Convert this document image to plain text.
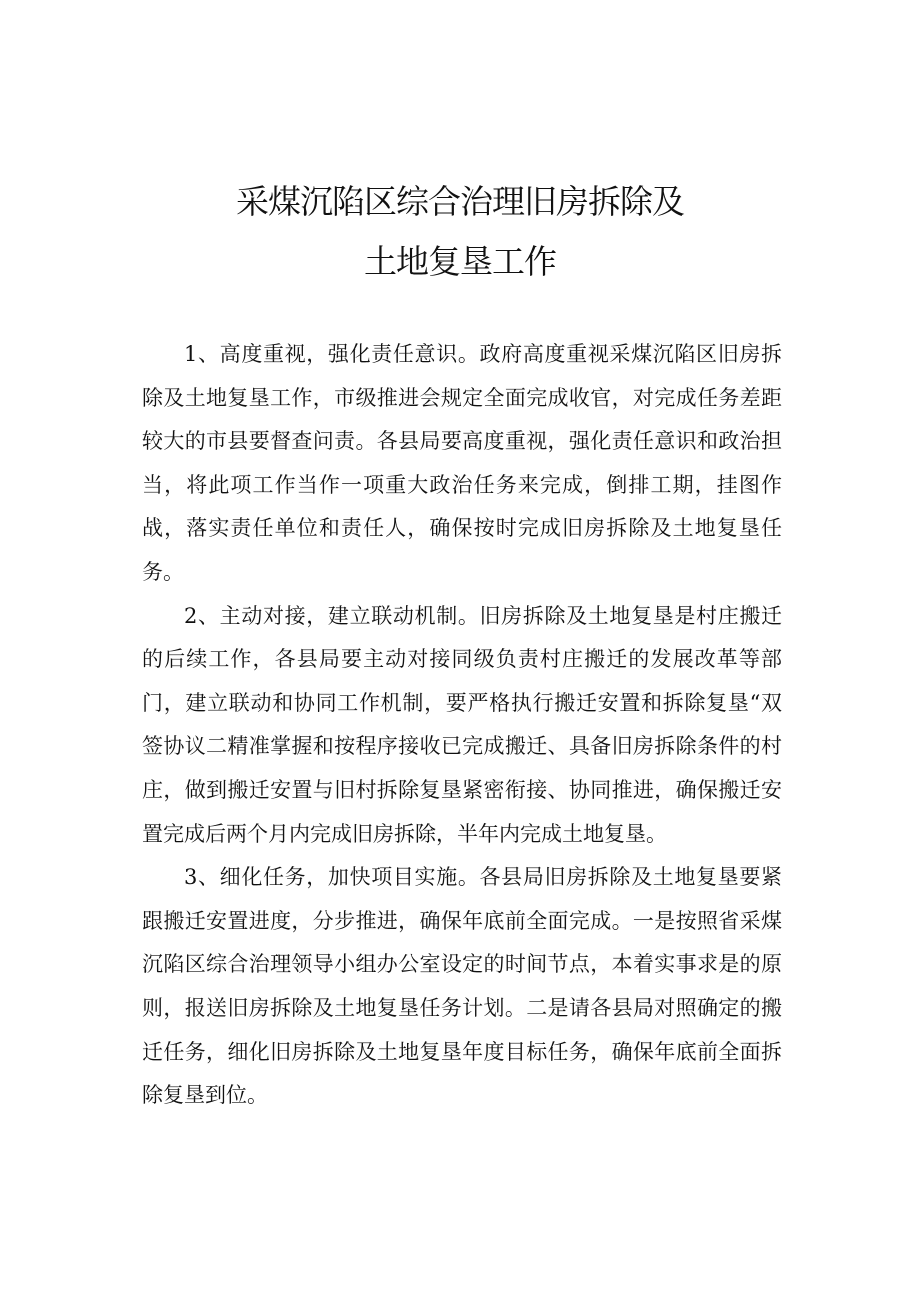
采煤沉陷区综合治理旧房拆除及
土地复垦工作

1、高度重视，强化责任意识。政府高度重视采煤沉陷区旧房拆除及土地复垦工作，市级推进会规定全面完成收官，对完成任务差距较大的市县要督查问责。各县局要高度重视，强化责任意识和政治担当，将此项工作当作一项重大政治任务来完成，倒排工期，挂图作战，落实责任单位和责任人，确保按时完成旧房拆除及土地复垦任务。

2、主动对接，建立联动机制。旧房拆除及土地复垦是村庄搬迁的后续工作，各县局要主动对接同级负责村庄搬迁的发展改革等部门，建立联动和协同工作机制，要严格执行搬迁安置和拆除复垦“双签协议二精准掌握和按程序接收已完成搬迁、具备旧房拆除条件的村庄，做到搬迁安置与旧村拆除复垦紧密衔接、协同推进，确保搬迁安置完成后两个月内完成旧房拆除，半年内完成土地复垦。

3、细化任务，加快项目实施。各县局旧房拆除及土地复垦要紧跟搬迁安置进度，分步推进，确保年底前全面完成。一是按照省采煤沉陷区综合治理领导小组办公室设定的时间节点，本着实事求是的原则，报送旧房拆除及土地复垦任务计划。二是请各县局对照确定的搬迁任务，细化旧房拆除及土地复垦年度目标任务，确保年底前全面拆除复垦到位。
